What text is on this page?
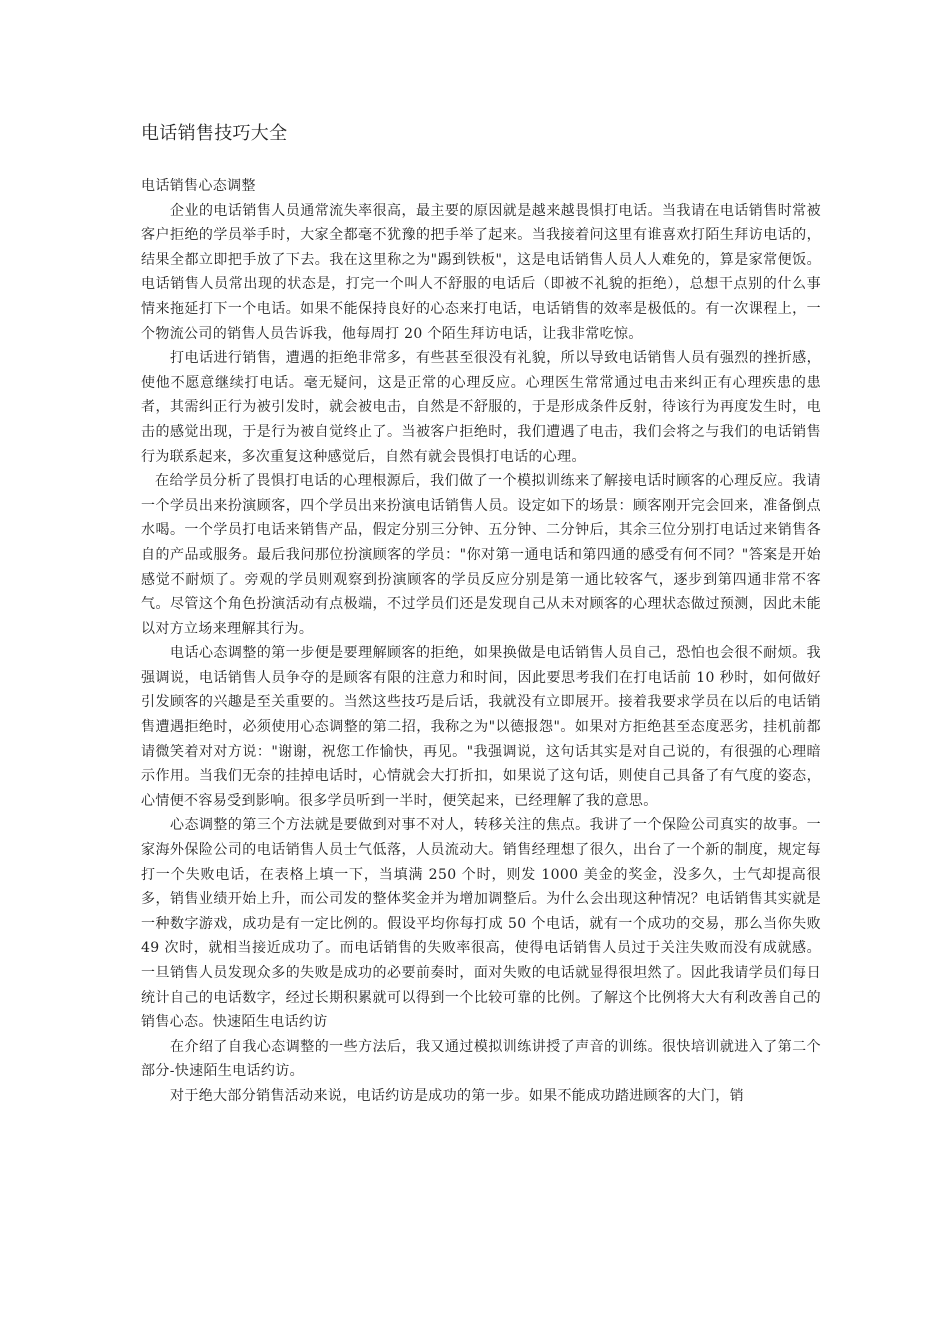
电话销售技巧大全

电话销售心态调整

企业的电话销售人员通常流失率很高，最主要的原因就是越来越畏惧打电话。当我请在电话销售时常被客户拒绝的学员举手时，大家全都毫不犹豫的把手举了起来。当我接着问这里有谁喜欢打陌生拜访电话的，结果全都立即把手放了下去。我在这里称之为"踢到铁板"，这是电话销售人员人人难免的，算是家常便饭。电话销售人员常出现的状态是，打完一个叫人不舒服的电话后（即被不礼貌的拒绝），总想干点别的什么事情来拖延打下一个电话。如果不能保持良好的心态来打电话，电话销售的效率是极低的。有一次课程上，一个物流公司的销售人员告诉我，他每周打 20 个陌生拜访电话，让我非常吃惊。

打电话进行销售，遭遇的拒绝非常多，有些甚至很没有礼貌，所以导致电话销售人员有强烈的挫折感，使他不愿意继续打电话。毫无疑问，这是正常的心理反应。心理医生常常通过电击来纠正有心理疾患的患者，其需纠正行为被引发时，就会被电击，自然是不舒服的，于是形成条件反射，待该行为再度发生时，电击的感觉出现，于是行为被自觉终止了。当被客户拒绝时，我们遭遇了电击，我们会将之与我们的电话销售行为联系起来，多次重复这种感觉后，自然有就会畏惧打电话的心理。

在给学员分析了畏惧打电话的心理根源后，我们做了一个模拟训练来了解接电话时顾客的心理反应。我请一个学员出来扮演顾客，四个学员出来扮演电话销售人员。设定如下的场景：顾客刚开完会回来，准备倒点水喝。一个学员打电话来销售产品，假定分别三分钟、五分钟、二分钟后，其余三位分别打电话过来销售各自的产品或服务。最后我问那位扮演顾客的学员："你对第一通电话和第四通的感受有何不同？"答案是开始感觉不耐烦了。旁观的学员则观察到扮演顾客的学员反应分别是第一通比较客气，逐步到第四通非常不客气。尽管这个角色扮演活动有点极端，不过学员们还是发现自己从未对顾客的心理状态做过预测，因此未能以对方立场来理解其行为。

电话心态调整的第一步便是要理解顾客的拒绝，如果换做是电话销售人员自己，恐怕也会很不耐烦。我强调说，电话销售人员争夺的是顾客有限的注意力和时间，因此要思考我们在打电话前 10 秒时，如何做好引发顾客的兴趣是至关重要的。当然这些技巧是后话，我就没有立即展开。接着我要求学员在以后的电话销售遭遇拒绝时，必须使用心态调整的第二招，我称之为"以德报怨"。如果对方拒绝甚至态度恶劣，挂机前都请微笑着对对方说："谢谢，祝您工作愉快，再见。"我强调说，这句话其实是对自己说的，有很强的心理暗示作用。当我们无奈的挂掉电话时，心情就会大打折扣，如果说了这句话，则使自己具备了有气度的姿态，心情便不容易受到影响。很多学员听到一半时，便笑起来，已经理解了我的意思。

心态调整的第三个方法就是要做到对事不对人，转移关注的焦点。我讲了一个保险公司真实的故事。一家海外保险公司的电话销售人员士气低落，人员流动大。销售经理想了很久，出台了一个新的制度，规定每打一个失败电话，在表格上填一下，当填满 250 个时，则发 1000 美金的奖金，没多久，士气却提高很多，销售业绩开始上升，而公司发的整体奖金并为增加调整后。为什么会出现这种情况？电话销售其实就是一种数字游戏，成功是有一定比例的。假设平均你每打成 50 个电话，就有一个成功的交易，那么当你失败 49 次时，就相当接近成功了。而电话销售的失败率很高，使得电话销售人员过于关注失败而没有成就感。一旦销售人员发现众多的失败是成功的必要前奏时，面对失败的电话就显得很坦然了。因此我请学员们每日统计自己的电话数字，经过长期积累就可以得到一个比较可靠的比例。了解这个比例将大大有利改善自己的销售心态。快速陌生电话约访

在介绍了自我心态调整的一些方法后，我又通过模拟训练讲授了声音的训练。很快培训就进入了第二个部分-快速陌生电话约访。

对于绝大部分销售活动来说，电话约访是成功的第一步。如果不能成功踏进顾客的大门，销
